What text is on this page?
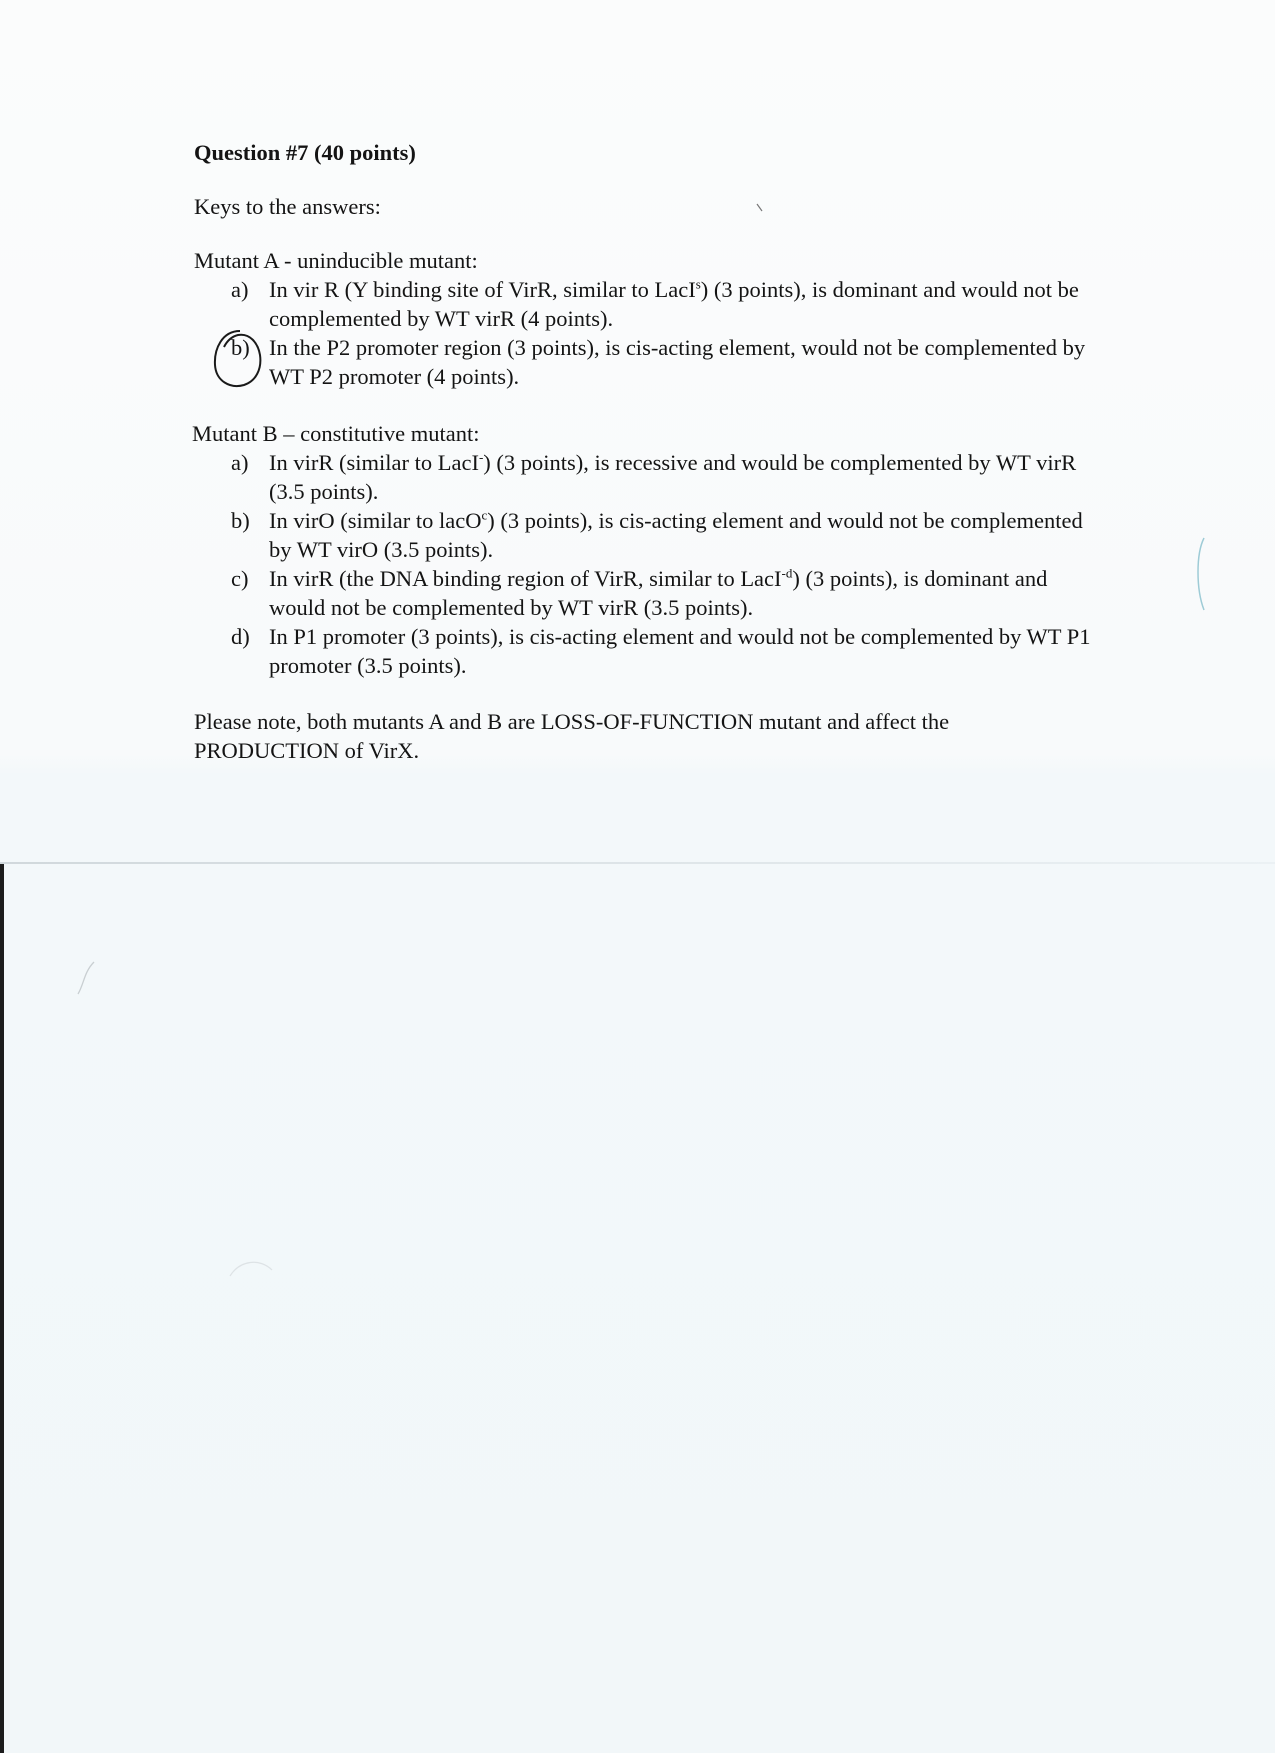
Question #7 (40 points)

Keys to the answers:

Mutant A - uninducible mutant:

a) In vir R (Y binding site of VirR, similar to LacI$^s$) (3 points), is dominant and would not be complemented by WT virR (4 points).
b) In the P2 promoter region (3 points), is cis-acting element, would not be complemented by WT P2 promoter (4 points).

Mutant B – constitutive mutant:

a) In virR (similar to LacI-) (3 points), is recessive and would be complemented by WT virR (3.5 points).
b) In virO (similar to lacO$^c$) (3 points), is cis-acting element and would not be complemented by WT virO (3.5 points).
c) In virR (the DNA binding region of VirR, similar to LacI$^{-d}$) (3 points), is dominant and would not be complemented by WT virR (3.5 points).
d) In P1 promoter (3 points), is cis-acting element and would not be complemented by WT P1 promoter (3.5 points).

Please note, both mutants A and B are LOSS-OF-FUNCTION mutant and affect the PRODUCTION of VirX.
